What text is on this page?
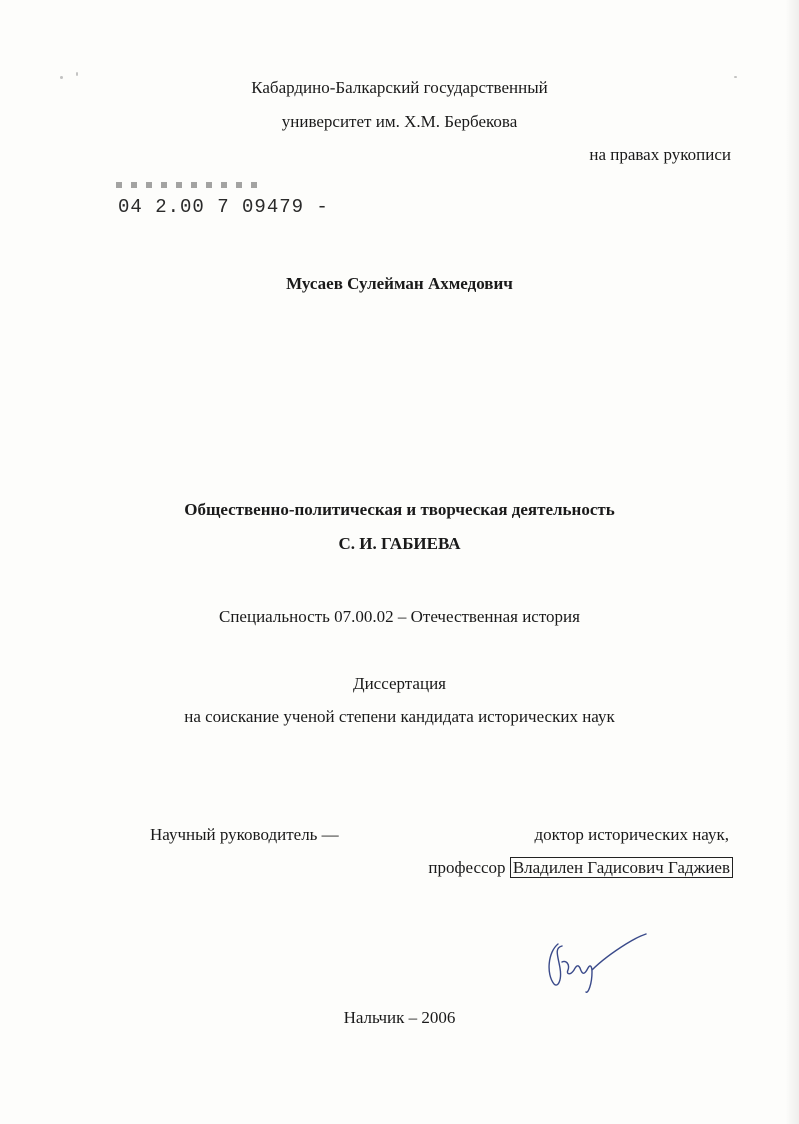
Кабардино-Балкарский государственный
университет им. Х.М. Бербекова
на правах рукописи
04 2.00 7 09479 -
Мусаев Сулейман Ахмедович
Общественно-политическая и творческая деятельность
С. И. ГАБИЕВА
Специальность 07.00.02 – Отечественная история
Диссертация
на соискание ученой степени кандидата исторических наук
Научный руководитель —	доктор исторических наук,
профессор Владилен Гадисович Гаджиев
Нальчик – 2006
